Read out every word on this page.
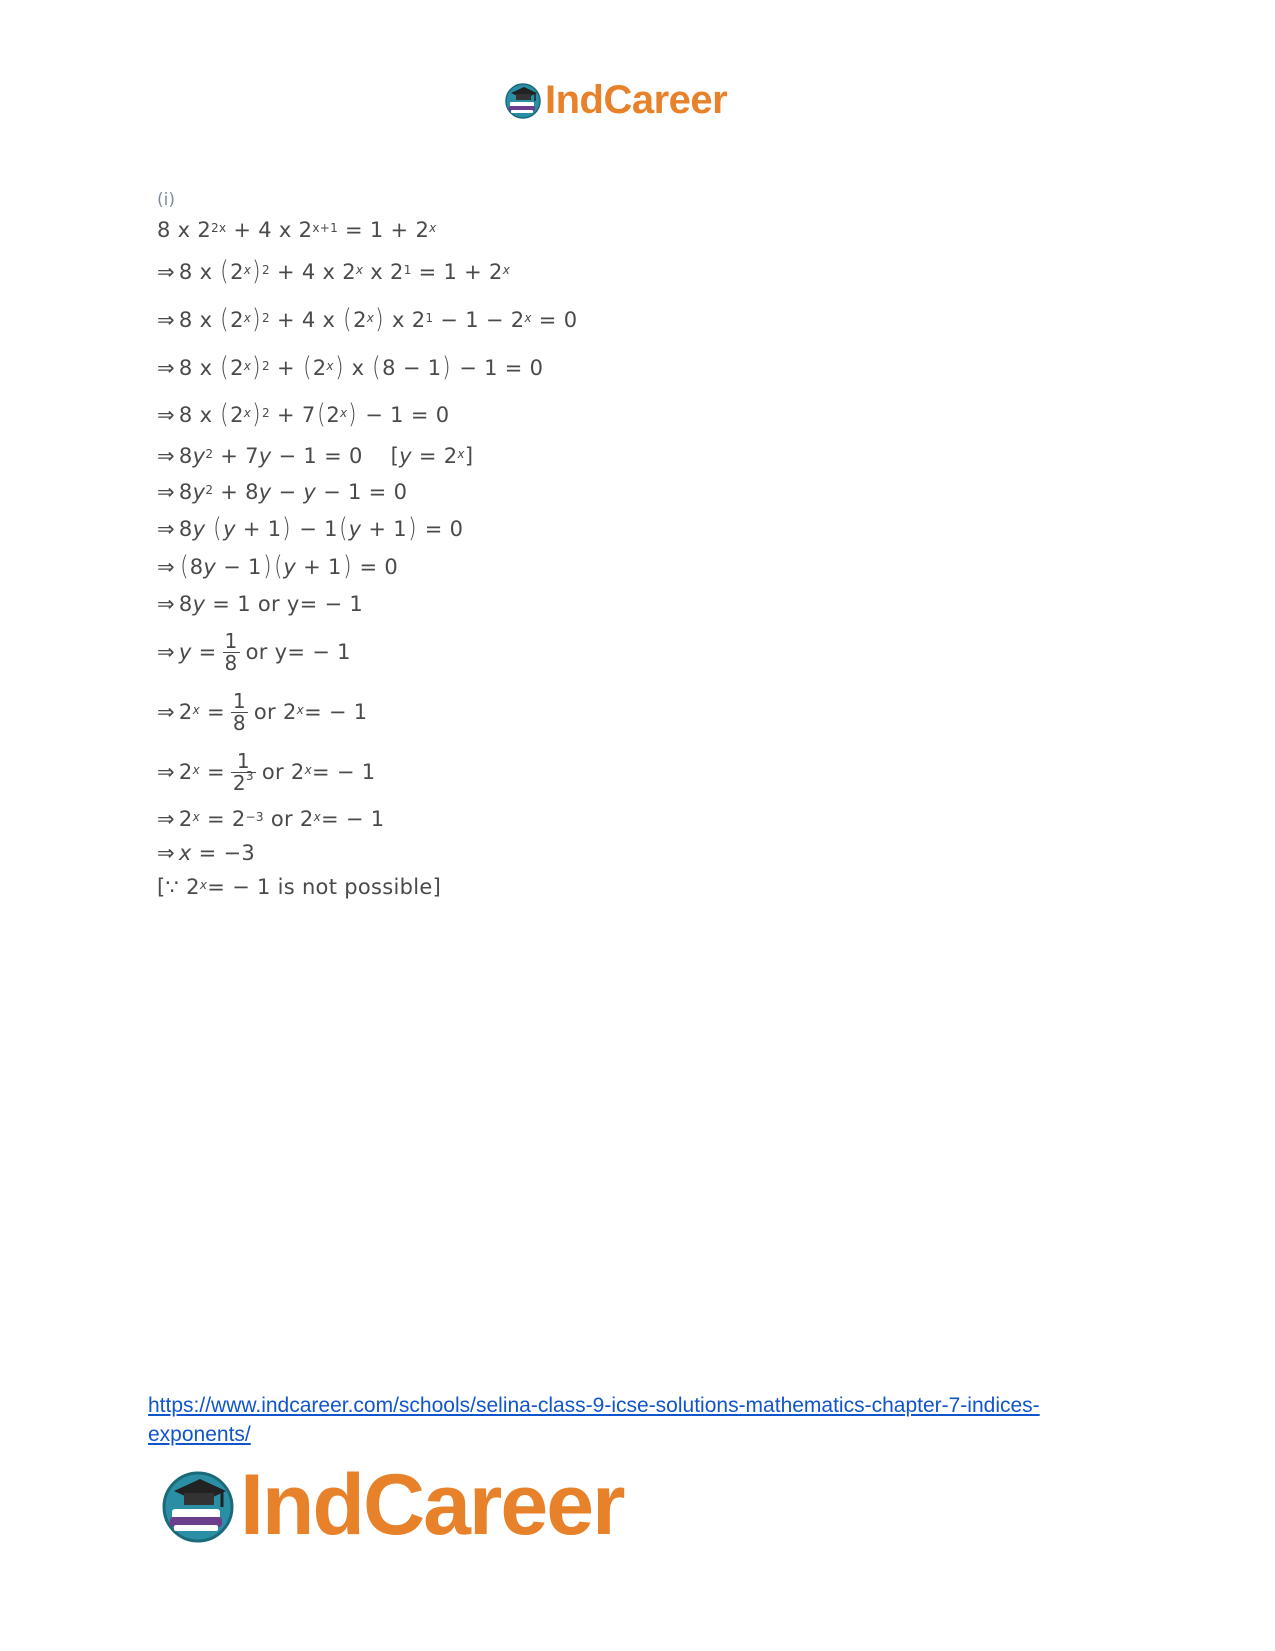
IndCareer
(i)
8
x
$2^{2x}$
+
4
x
$2^{x+1}$
=
1
+
2$^x$
⇒ 8
x
( 2$^x$ )$^2$
+
4
x
2$^x$
x
$2^1$
=
1
+
2$^x$
⇒ 8
x
( 2$^x$ )$^2$
+
4
x
( 2$^x$ )
x
$2^1$
−
1
−
2$^x$
=
0
⇒ 8
x
( 2$^x$ )$^2$
+
( 2$^x$ )
x
( 8
−
1 )
−
1
=
0
⇒ 8
x
( 2$^x$ )$^2$
+
7 ( 2$^x$ )
−
1
=
0
⇒ 8 $y^2$
+
7 y
−
1
=
0 [ y
=
2$^x$ ]
⇒ 8 $y^2$
+
8 y
−
y
−
1
=
0
⇒ 8 y
( y
+
1 )
−
1 ( y
+
1 )
=
0
⇒ ( 8 y
−
1 ) ( y
+
1 )
=
0
⇒ 8 y
=
1
or
y = − 1
⇒ y
= $\frac{1}{8}$ or
y = − 1
⇒ 2$^x$
= $\frac{1}{8}$ or
$2^x$ = − 1
⇒ 2$^x$
= $\frac{1}{2^3}$ or
$2^x$ = − 1
⇒ 2$^x$
=
$2^{-3}$
or
$2^x$ = − 1
⇒ x
=
−3
[∵
$2^x$ = − 1 is not possible]
https://www.indcareer.com/schools/selina-class-9-icse-solutions-mathematics-chapter-7-indices-exponents/
IndCareer
